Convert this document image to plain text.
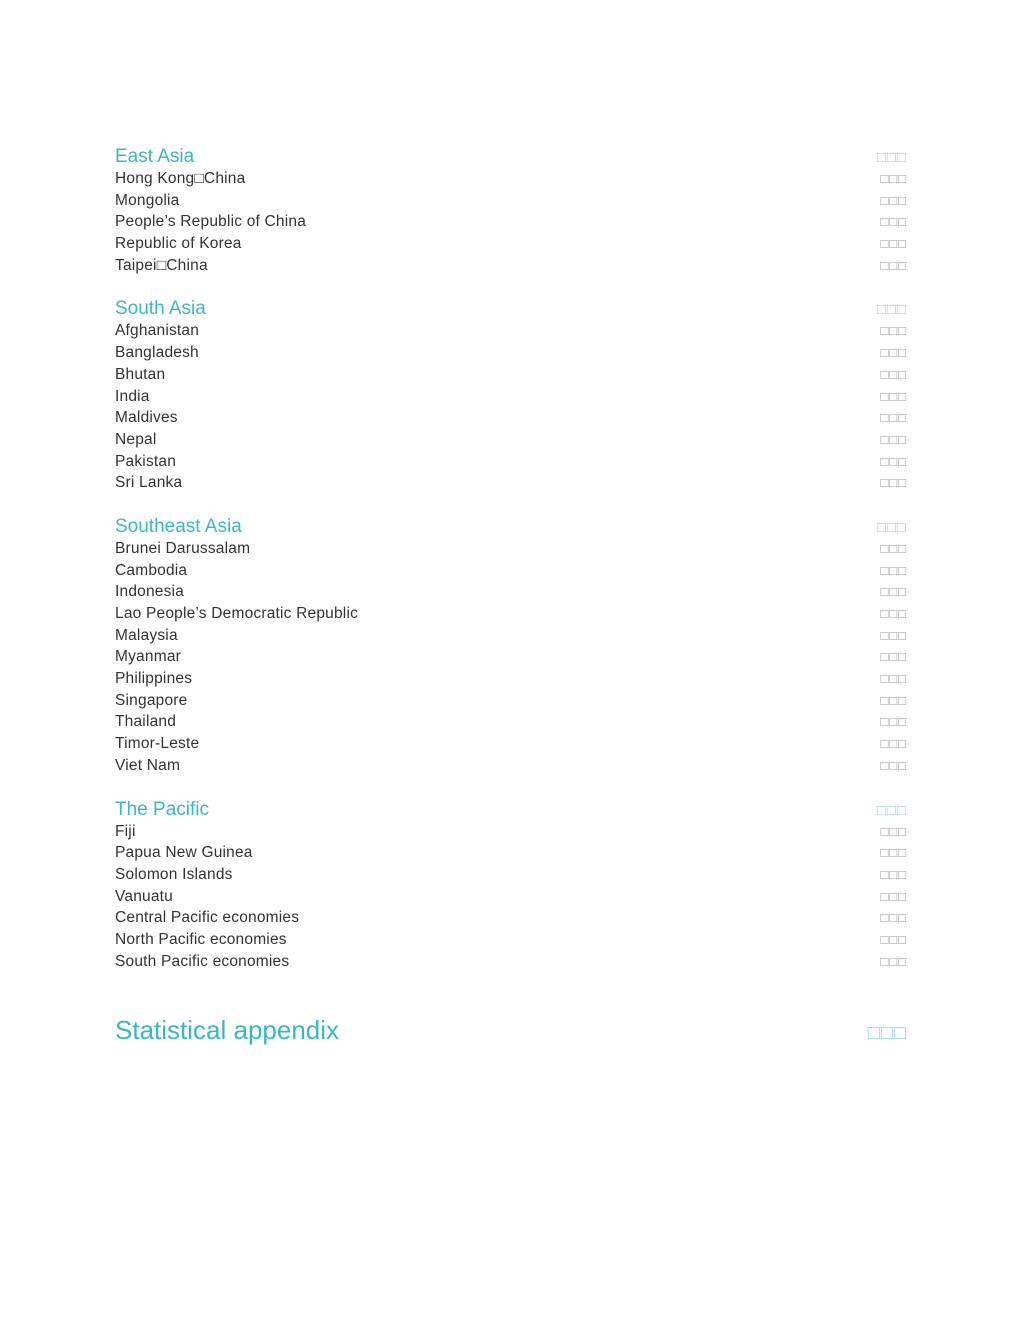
East Asia	□□□
Hong Kong□China	□□□
Mongolia	□□□
People’s Republic of China	□□□
Republic of Korea	□□□
Taipei□China	□□□
South Asia	□□□
Afghanistan	□□□
Bangladesh	□□□
Bhutan	□□□
India	□□□
Maldives	□□□
Nepal	□□□
Pakistan	□□□
Sri Lanka	□□□
Southeast Asia	□□□
Brunei Darussalam	□□□
Cambodia	□□□
Indonesia	□□□
Lao People’s Democratic Republic	□□□
Malaysia	□□□
Myanmar	□□□
Philippines	□□□
Singapore	□□□
Thailand	□□□
Timor-Leste	□□□
Viet Nam	□□□
The Pacific	□□□
Fiji	□□□
Papua New Guinea	□□□
Solomon Islands	□□□
Vanuatu	□□□
Central Pacific economies	□□□
North Pacific economies	□□□
South Pacific economies	□□□
Statistical appendix	□□□
